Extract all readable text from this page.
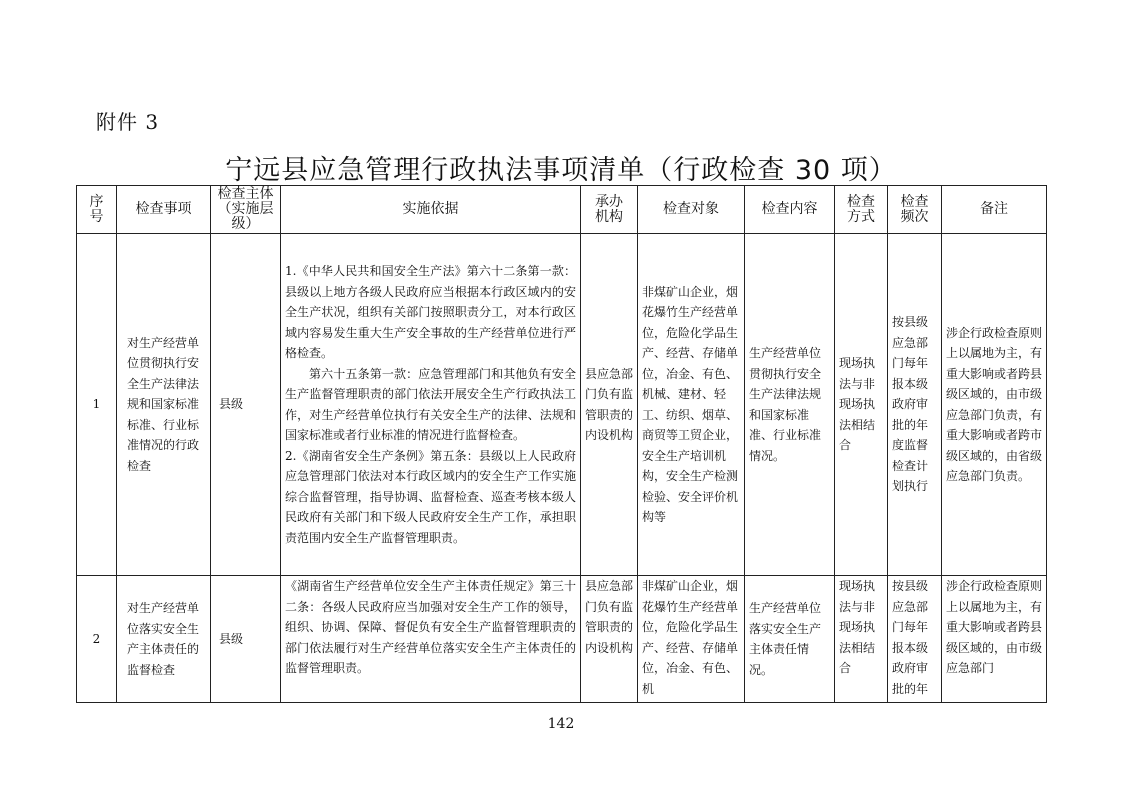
附件 3
宁远县应急管理行政执法事项清单（行政检查 30 项）
序号	检查事项	检查主体（实施层级）	实施依据	承办机构	检查对象	检查内容	检查方式	检查频次	备注
1	对生产经营单位贯彻执行安全生产法律法规和国家标准标准、行业标准情况的行政检查	县级	1.《中华人民共和国安全生产法》第六十二条第一款：县级以上地方各级人民政府应当根据本行政区域内的安全生产状况，组织有关部门按照职责分工，对本行政区域内容易发生重大生产安全事故的生产经营单位进行严格检查。

第六十五条第一款：应急管理部门和其他负有安全生产监督管理职责的部门依法开展安全生产行政执法工作，对生产经营单位执行有关安全生产的法律、法规和国家标准或者行业标准的情况进行监督检查。

2.《湖南省安全生产条例》第五条：县级以上人民政府应急管理部门依法对本行政区域内的安全生产工作实施综合监督管理，指导协调、监督检查、巡查考核本级人民政府有关部门和下级人民政府安全生产工作，承担职责范围内安全生产监督管理职责。	县应急部门负有监管职责的内设机构	非煤矿山企业，烟花爆竹生产经营单位，危险化学品生产、经营、存储单位，冶金、有色、机械、建材、轻工、纺织、烟草、商贸等工贸企业，安全生产培训机构，安全生产检测检验、安全评价机构等	生产经营单位贯彻执行安全生产法律法规和国家标准准、行业标准情况。	现场执法与非现场执法相结合	按县级应急部门每年报本级政府审批的年度监督检查计划执行	涉企行政检查原则上以属地为主，有重大影响或者跨县级区域的，由市级应急部门负责，有重大影响或者跨市级区域的，由省级应急部门负责。

2	对生产经营单位落实安全生产主体责任的监督检查	县级	《湖南省生产经营单位安全生产主体责任规定》第三十二条：各级人民政府应当加强对安全生产工作的领导，组织、协调、保障、督促负有安全生产监督管理职责的部门依法履行对生产经营单位落实安全生产主体责任的监督管理职责。	县应急部门负有监管职责的内设机构	非煤矿山企业，烟花爆竹生产经营单位，危险化学品生产、经营、存储单位，冶金、有色、机	生产经营单位落实安全生产主体责任情况。	现场执法与非现场执法相结合	按县级应急部门每年报本级政府审批的年	涉企行政检查原则上以属地为主，有重大影响或者跨县级区域的，由市级应急部门
142
